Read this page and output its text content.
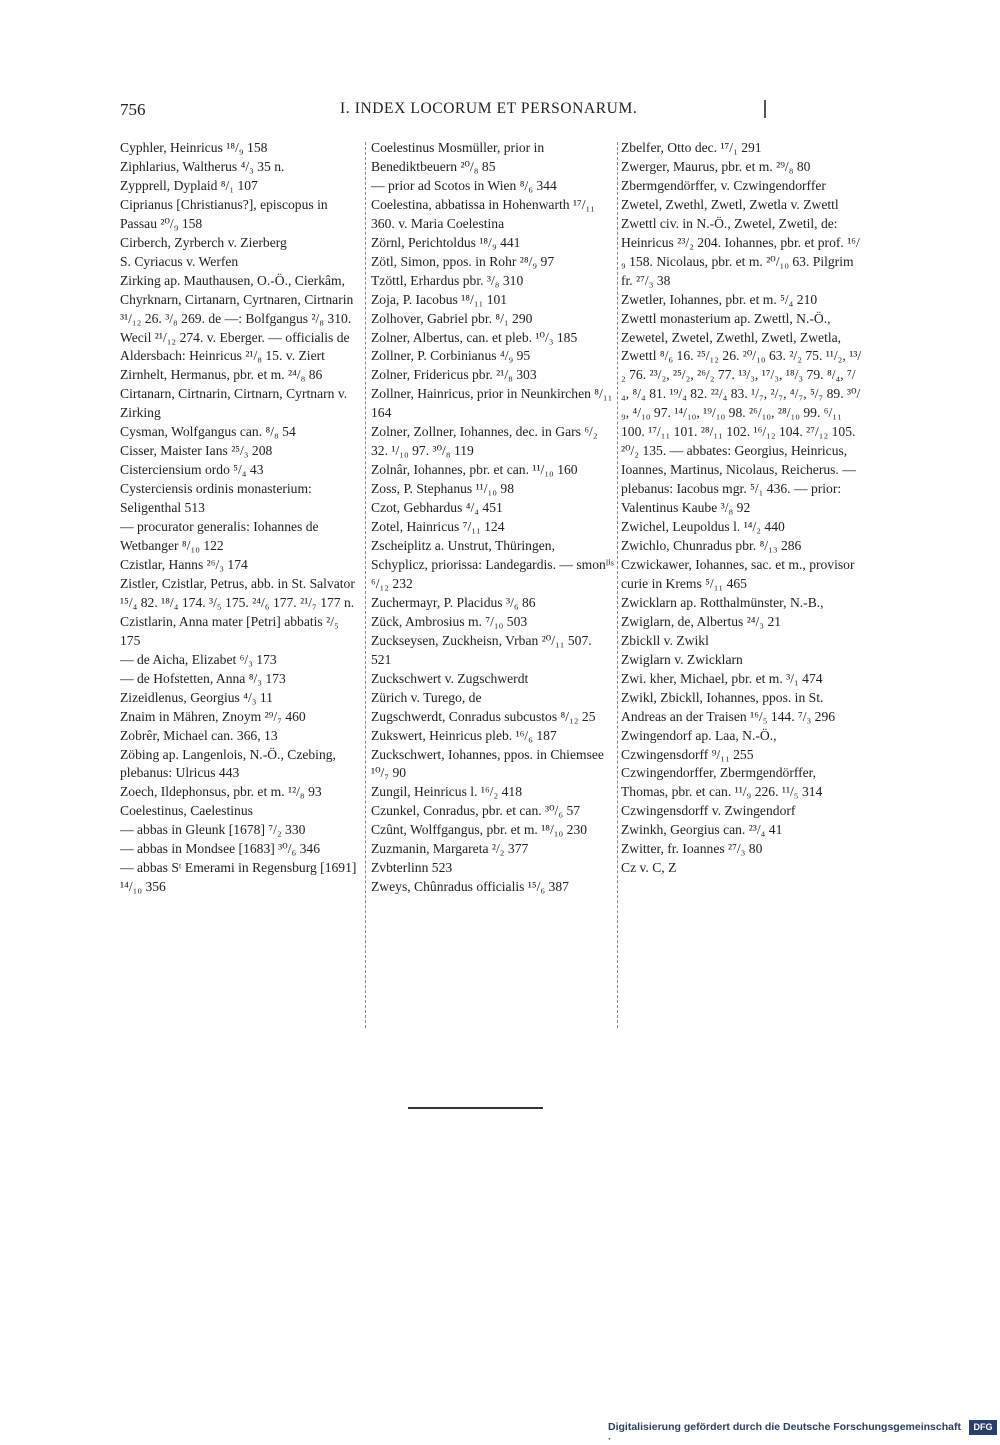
756	I. INDEX LOCORUM ET PERSONARUM.

Cyphler, Heinricus ¹⁸/₉ 158

Ziphlarius, Waltherus ⁴/₃ 35 n.

Zypprell, Dyplaid ⁸/₁ 107

Ciprianus [Christianus?], episcopus in Passau ²⁰/₉ 158

Cirberch, Zyrberch v. Zierberg

S. Cyriacus v. Werfen

Zirking ap. Mauthausen, O.-Ö., Cierkâm, Chyrknarn, Cirtanarn, Cyrtnaren, Cirtnarin ³¹/₁₂ 26. ³/₈ 269. de —: Bolfgangus ²/₈ 310. Wecil ²¹/₁₂ 274. v. Eberger. — officialis de Aldersbach: Heinricus ²¹/₈ 15. v. Ziert

Zirnhelt, Hermanus, pbr. et m. ²⁴/₈ 86

Cirtanarn, Cirtnarin, Cirtnarn, Cyrtnarn v. Zirking

Cysman, Wolfgangus can. ⁸/₈ 54

Cisser, Maister Ians ²⁵/₃ 208

Cisterciensium ordo ⁵/₄ 43

Cysterciensis ordinis monasterium: Seligenthal 513

— procurator generalis: Iohannes de Wetbanger ⁸/₁₀ 122

Czistlar, Hanns ²⁶/₃ 174

Zistler, Czistlar, Petrus, abb. in St. Salvator ¹⁵/₄ 82. ¹⁸/₄ 174. ³/₅ 175. ²⁴/₆ 177. ²¹/₇ 177 n.

Czistlarin, Anna mater [Petri] abbatis ²/₅ 175

— de Aicha, Elizabet ⁶/₃ 173

— de Hofstetten, Anna ⁸/₃ 173

Zizeidlenus, Georgius ⁴/₃ 11

Znaim in Mähren, Znoym ²⁹/₇ 460

Zobrêr, Michael can. 366, 13

Zöbing ap. Langenlois, N.-Ö., Czebing, plebanus: Ulricus 443

Zoech, Ildephonsus, pbr. et m. ¹²/₈ 93

Coelestinus, Caelestinus

— abbas in Gleunk [1678] ⁷/₂ 330

— abbas in Mondsee [1683] ³⁰/₆ 346

— abbas Sᵗ Emerami in Regensburg [1691] ¹⁴/₁₀ 356

Coelestinus Mosmüller, prior in Benediktbeuern ²⁰/₈ 85

— prior ad Scotos in Wien ⁸/₆ 344

Coelestina, abbatissa in Hohenwarth ¹⁷/₁₁ 360. v. Maria Coelestina

Zörnl, Perichtoldus ¹⁸/₉ 441

Zötl, Simon, ppos. in Rohr ²⁸/₉ 97

Tzöttl, Erhardus pbr. ³/₈ 310

Zoja, P. Iacobus ¹⁸/₁₁ 101

Zolhover, Gabriel pbr. ⁸/₁ 290

Zolner, Albertus, can. et pleb. ¹⁰/₃ 185

Zollner, P. Corbinianus ⁴/₉ 95

Zolner, Fridericus pbr. ²¹/₈ 303

Zollner, Hainricus, prior in Neunkirchen ⁸/₁₁ 164

Zolner, Zollner, Iohannes, dec. in Gars ⁶/₂ 32. ¹/₁₀ 97. ³⁰/₈ 119

Zolnâr, Iohannes, pbr. et can. ¹¹/₁₀ 160

Zoss, P. Stephanus ¹¹/₁₀ 98

Czot, Gebhardus ⁴/₄ 451

Zotel, Hainricus ⁷/₁₁ 124

Zscheiplitz a. Unstrut, Thüringen, Schyplicz, priorissa: Landegardis. — smonˡⁱˢ ⁶/₁₂ 232

Zuchermayr, P. Placidus ³/₆ 86

Zück, Ambrosius m. ⁷/₁₀ 503

Zuckseysen, Zuckheisn, Vrban ²⁰/₁₁ 507. 521

Zuckschwert v. Zugschwerdt

Zürich v. Turego, de

Zugschwerdt, Conradus subcustos ⁸/₁₂ 25

Zukswert, Heinricus pleb. ¹⁶/₆ 187

Zuckschwert, Iohannes, ppos. in Chiemsee ¹⁰/₇ 90

Zungil, Heinricus l. ¹⁶/₂ 418

Czunkel, Conradus, pbr. et can. ³⁰/₆ 57

Czûnt, Wolffgangus, pbr. et m. ¹⁸/₁₀ 230

Zuzmanin, Margareta ²/₂ 377

Zvbterlinn 523

Zweys, Chûnradus officialis ¹⁵/₆ 387

Zbelfer, Otto dec. ¹⁷/₁ 291

Zwerger, Maurus, pbr. et m. ²⁹/₈ 80

Zbermgendörffer, v. Czwingendorffer

Zwetel, Zwethl, Zwetl, Zwetla v. Zwettl

Zwettl civ. in N.-Ö., Zwetel, Zwetil, de: Heinricus ²³/₂ 204. Iohannes, pbr. et prof. ¹⁶/₉ 158. Nicolaus, pbr. et m. ²⁰/₁₀ 63. Pilgrim fr. ²⁷/₃ 38

Zwetler, Iohannes, pbr. et m. ⁵/₄ 210

Zwettl monasterium ap. Zwettl, N.-Ö., Zewetel, Zwetel, Zwethl, Zwetl, Zwetla, Zwettl ⁸/₆ 16. ²⁵/₁₂ 26. ²⁰/₁₀ 63. ²/₂ 75. ¹¹/₂, ¹³/₂ 76. ²³/₂, ²⁵/₂, ²⁶/₂ 77. ¹³/₃, ¹⁷/₃, ¹⁸/₃ 79. ⁸/₄, ⁷/₄, ⁸/₄ 81. ¹⁹/₄ 82. ²²/₄ 83. ¹/₇, ²/₇, ⁴/₇, ⁵/₇ 89. ³⁰/₉, ⁴/₁₀ 97. ¹⁴/₁₀, ¹⁹/₁₀ 98. ²⁶/₁₀, ²⁸/₁₀ 99. ⁶/₁₁ 100. ¹⁷/₁₁ 101. ²⁸/₁₁ 102. ¹⁶/₁₂ 104. ²⁷/₁₂ 105. ²⁰/₂ 135. — abbates: Georgius, Heinricus, Ioannes, Martinus, Nicolaus, Reicherus. — plebanus: Iacobus mgr. ⁵/₁ 436. — prior: Valentinus Kaube ³/₈ 92

Zwichel, Leupoldus l. ¹⁴/₂ 440

Zwichlo, Chunradus pbr. ⁸/₁₃ 286

Czwickawer, Iohannes, sac. et m., provisor curie in Krems ⁵/₁₁ 465

Zwicklarn ap. Rotthalmünster, N.-B., Zwiglarn, de, Albertus ²⁴/₃ 21

Zbickll v. Zwikl

Zwiglarn v. Zwicklarn

Zwi. kher, Michael, pbr. et m. ³/₁ 474

Zwikl, Zbickll, Iohannes, ppos. in St. Andreas an der Traisen ¹⁶/₅ 144. ⁷/₃ 296

Zwingendorf ap. Laa, N.-Ö., Czwingensdorff ⁹/₁₁ 255

Czwingendorffer, Zbermgendörffer, Thomas, pbr. et can. ¹¹/₉ 226. ¹¹/₅ 314

Czwingensdorff v. Zwingendorf

Zwinkh, Georgius can. ²³/₄ 41

Zwitter, fr. Ioannes ²⁷/₃ 80

Cz v. C, Z

Digitalisierung gefördert durch die Deutsche Forschungsgemeinschaft ·
DFG
